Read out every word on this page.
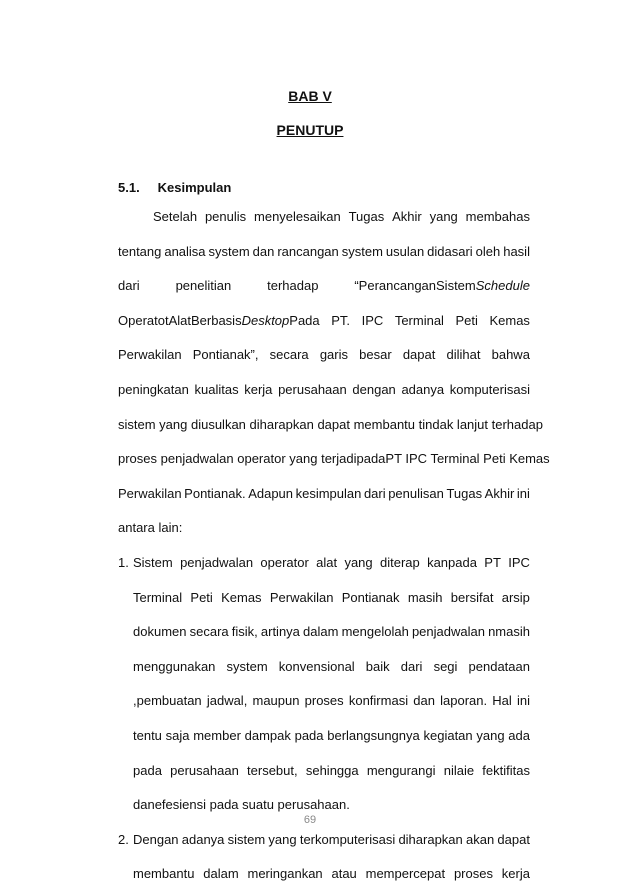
BAB V
PENUTUP
5.1. Kesimpulan
Setelah penulis menyelesaikan Tugas Akhir yang membahas
tentang analisa system dan rancangan system usulan didasari oleh hasil
dari	penelitian	terhadap	“PerancanganSistemSchedule
OperatotAlatBerbasisDesktopPada PT. IPC Terminal Peti Kemas
Perwakilan Pontianak”, secara garis besar dapat dilihat bahwa
peningkatan kualitas kerja perusahaan dengan adanya komputerisasi
sistem yang diusulkan diharapkan dapat membantu tindak lanjut terhadap
proses penjadwalan operator yang terjadipadaPT IPC Terminal Peti Kemas
Perwakilan Pontianak. Adapun kesimpulan dari penulisan Tugas Akhir ini
antara lain:
1. Sistem penjadwalan operator alat yang diterap kanpada PT IPC
Terminal Peti Kemas Perwakilan Pontianak masih bersifat arsip
dokumen secara fisik, artinya dalam mengelolah penjadwalan nmasih
menggunakan system konvensional baik dari segi pendataan
,pembuatan jadwal, maupun proses konfirmasi dan laporan. Hal ini
tentu saja member dampak pada berlangsungnya kegiatan yang ada
pada perusahaan tersebut, sehingga mengurangi nilaie fektifitas
danefesiensi pada suatu perusahaan.
2. Dengan adanya sistem yang terkomputerisasi diharapkan akan dapat
membantu dalam meringankan atau mempercepat proses kerja
69
